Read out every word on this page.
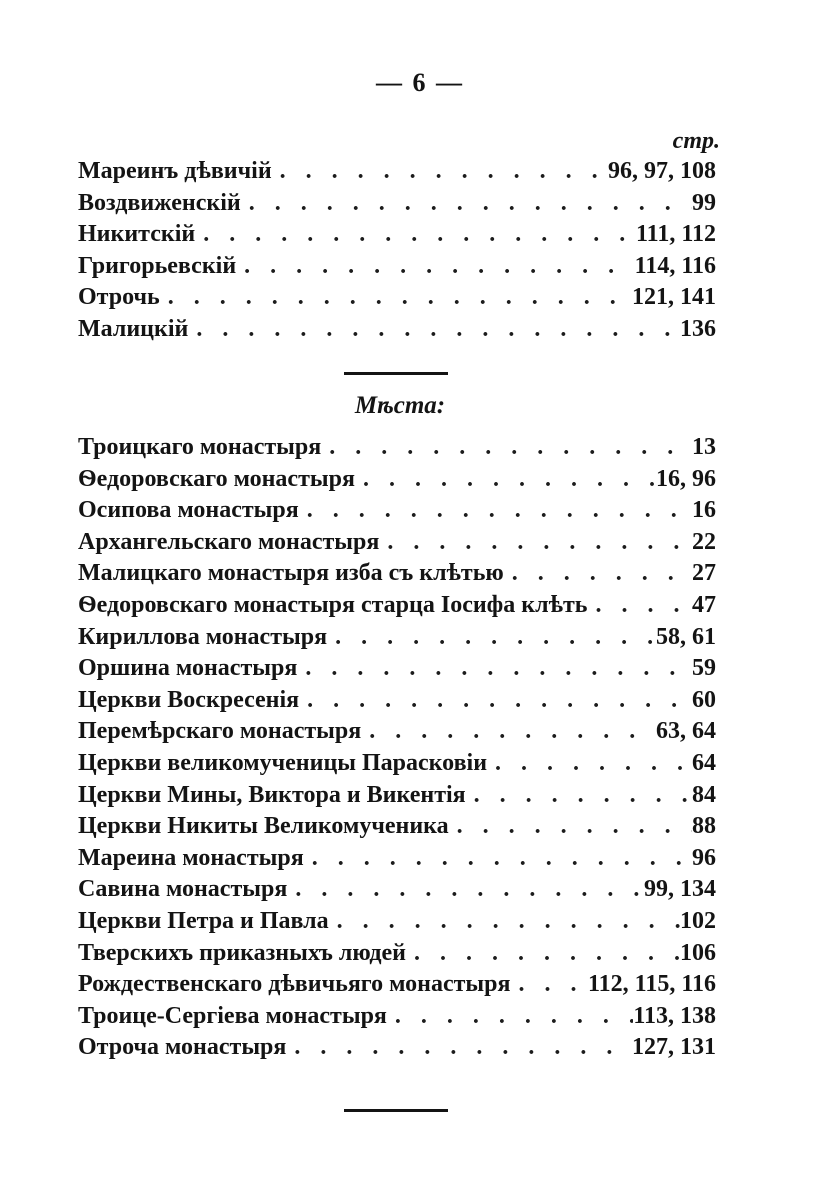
— 6 —
стр.
Мареинъ дѣвичій . . .	96, 97, 108
Воздвиженскій . . .	99
Никитскій . . .	111, 112
Григорьевскій . . .	114, 116
Отрочь . . .	121, 141
Малицкій . . .	136
Мѣста:
Троицкаго монастыря . . .	13
Ѳедоровскаго монастыря . . .	16, 96
Осипова монастыря . . .	16
Архангельскаго монастыря . . .	22
Малицкаго монастыря изба съ клѣтью . . .	27
Ѳедоровскаго монастыря старца Іосифа клѣть . . .	47
Кириллова монастыря . . .	58, 61
Оршина монастыря . . .	59
Церкви Воскресенія . . .	60
Перемѣрскаго монастыря . . .	63, 64
Церкви великомученицы Парасковіи . . .	64
Церкви Мины, Виктора и Викентія . . .	84
Церкви Никиты Великомученика . . .	88
Мареина монастыря . . .	96
Савина монастыря . . .	99, 134
Церкви Петра и Павла . . .	102
Тверскихъ приказныхъ людей . . .	106
Рождественскаго дѣвичьяго монастыря . . .	112, 115, 116
Троице-Сергіева монастыря . . .	113, 138
Отроча монастыря . . .	127, 131
